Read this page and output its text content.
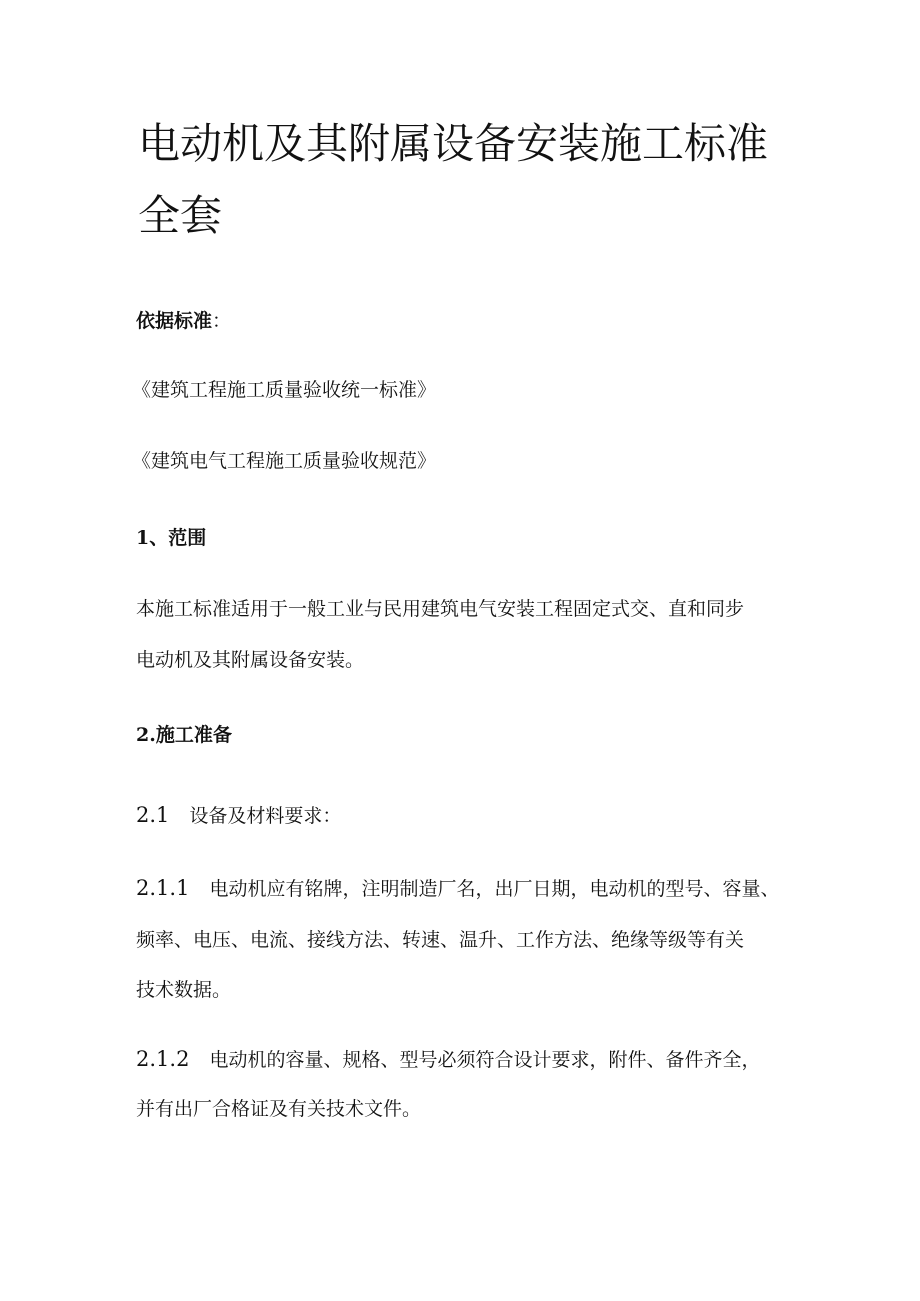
电动机及其附属设备安装施工标准
全套
依据标准：
《建筑工程施工质量验收统一标准》
《建筑电气工程施工质量验收规范》
1、范围
本施工标准适用于一般工业与民用建筑电气安装工程固定式交、直和同步
电动机及其附属设备安装。
2.施工准备
2.1 设备及材料要求：
2.1.1 电动机应有铭牌，注明制造厂名，出厂日期，电动机的型号、容量、
频率、电压、电流、接线方法、转速、温升、工作方法、绝缘等级等有关
技术数据。
2.1.2 电动机的容量、规格、型号必须符合设计要求，附件、备件齐全，
并有出厂合格证及有关技术文件。
